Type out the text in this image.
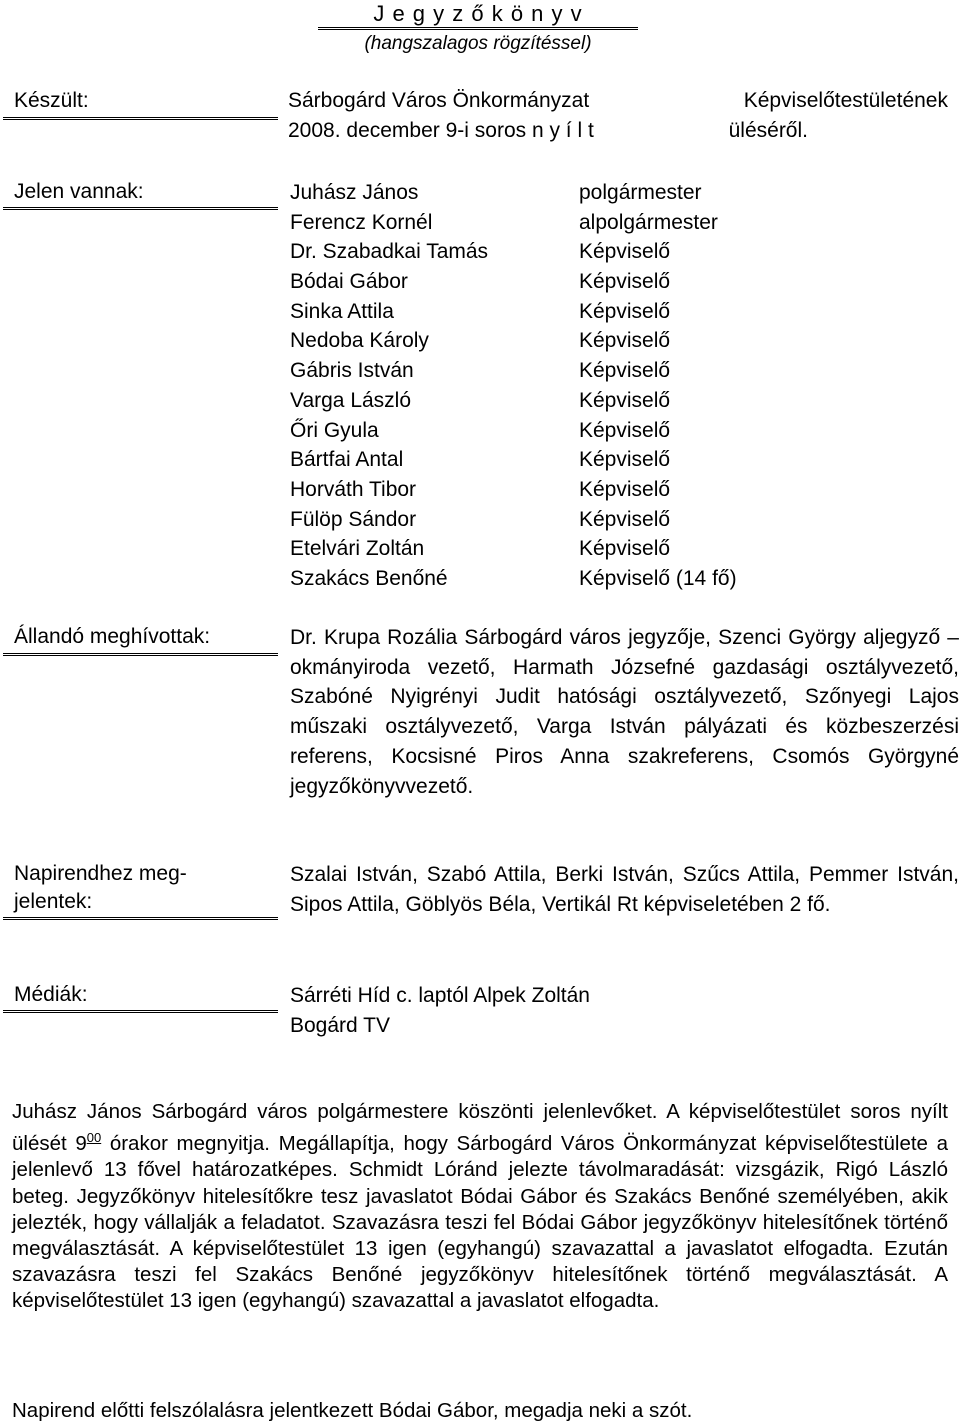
J e g y z ő k ö n y v
(hangszalagos rögzítéssel)
Készült:	Sárbogárd Város Önkormányzat	Képviselőtestületének
2008. december 9-i soros n y í l t	üléséről.
Jelen vannak:	Juhász János	polgármester
Ferencz Kornél	alpolgármester
Dr. Szabadkai Tamás	Képviselő
Bódai Gábor	Képviselő
Sinka Attila	Képviselő
Nedoba Károly	Képviselő
Gábris István	Képviselő
Varga László	Képviselő
Őri Gyula	Képviselő
Bártfai Antal	Képviselő
Horváth Tibor	Képviselő
Fülöp Sándor	Képviselő
Etelvári Zoltán	Képviselő
Szakács Benőné	Képviselő (14 fő)
Állandó meghívottak:	Dr. Krupa Rozália Sárbogárd város jegyzője, Szenci György aljegyző – okmányiroda vezető, Harmath Józsefné gazdasági osztályvezető, Szabóné Nyigrényi Judit hatósági osztályvezető, Szőnyegi Lajos műszaki osztályvezető, Varga István pályázati és közbeszerzési referens, Kocsisné Piros Anna szakreferens, Csomós Györgyné jegyzőkönyvvezető.
Napirendhez meg-
jelentek:
Szalai István, Szabó Attila, Berki István, Szűcs Attila, Pemmer István, Sipos Attila, Göblyös Béla, Vertikál Rt képviseletében 2 fő.
Médiák:	Sárréti Híd c. laptól Alpek Zoltán
Bogárd TV
Juhász János Sárbogárd város polgármestere köszönti jelenlevőket. A képviselőtestület soros nyílt ülését $9^{00}$ órakor megnyitja. Megállapítja, hogy Sárbogárd Város Önkormányzat képviselőtestülete a jelenlevő 13 fővel határozatképes. Schmidt Lóránd jelezte távolmaradását: vizsgázik, Rigó László beteg. Jegyzőkönyv hitelesítőkre tesz javaslatot Bódai Gábor és Szakács Benőné személyében, akik jelezték, hogy vállalják a feladatot. Szavazásra teszi fel Bódai Gábor jegyzőkönyv hitelesítőnek történő megválasztását. A képviselőtestület 13 igen (egyhangú) szavazattal a javaslatot elfogadta. Ezután szavazásra teszi fel Szakács Benőné jegyzőkönyv hitelesítőnek történő megválasztását. A képviselőtestület 13 igen (egyhangú) szavazattal a javaslatot elfogadta.
Napirend előtti felszólalásra jelentkezett Bódai Gábor, megadja neki a szót.
